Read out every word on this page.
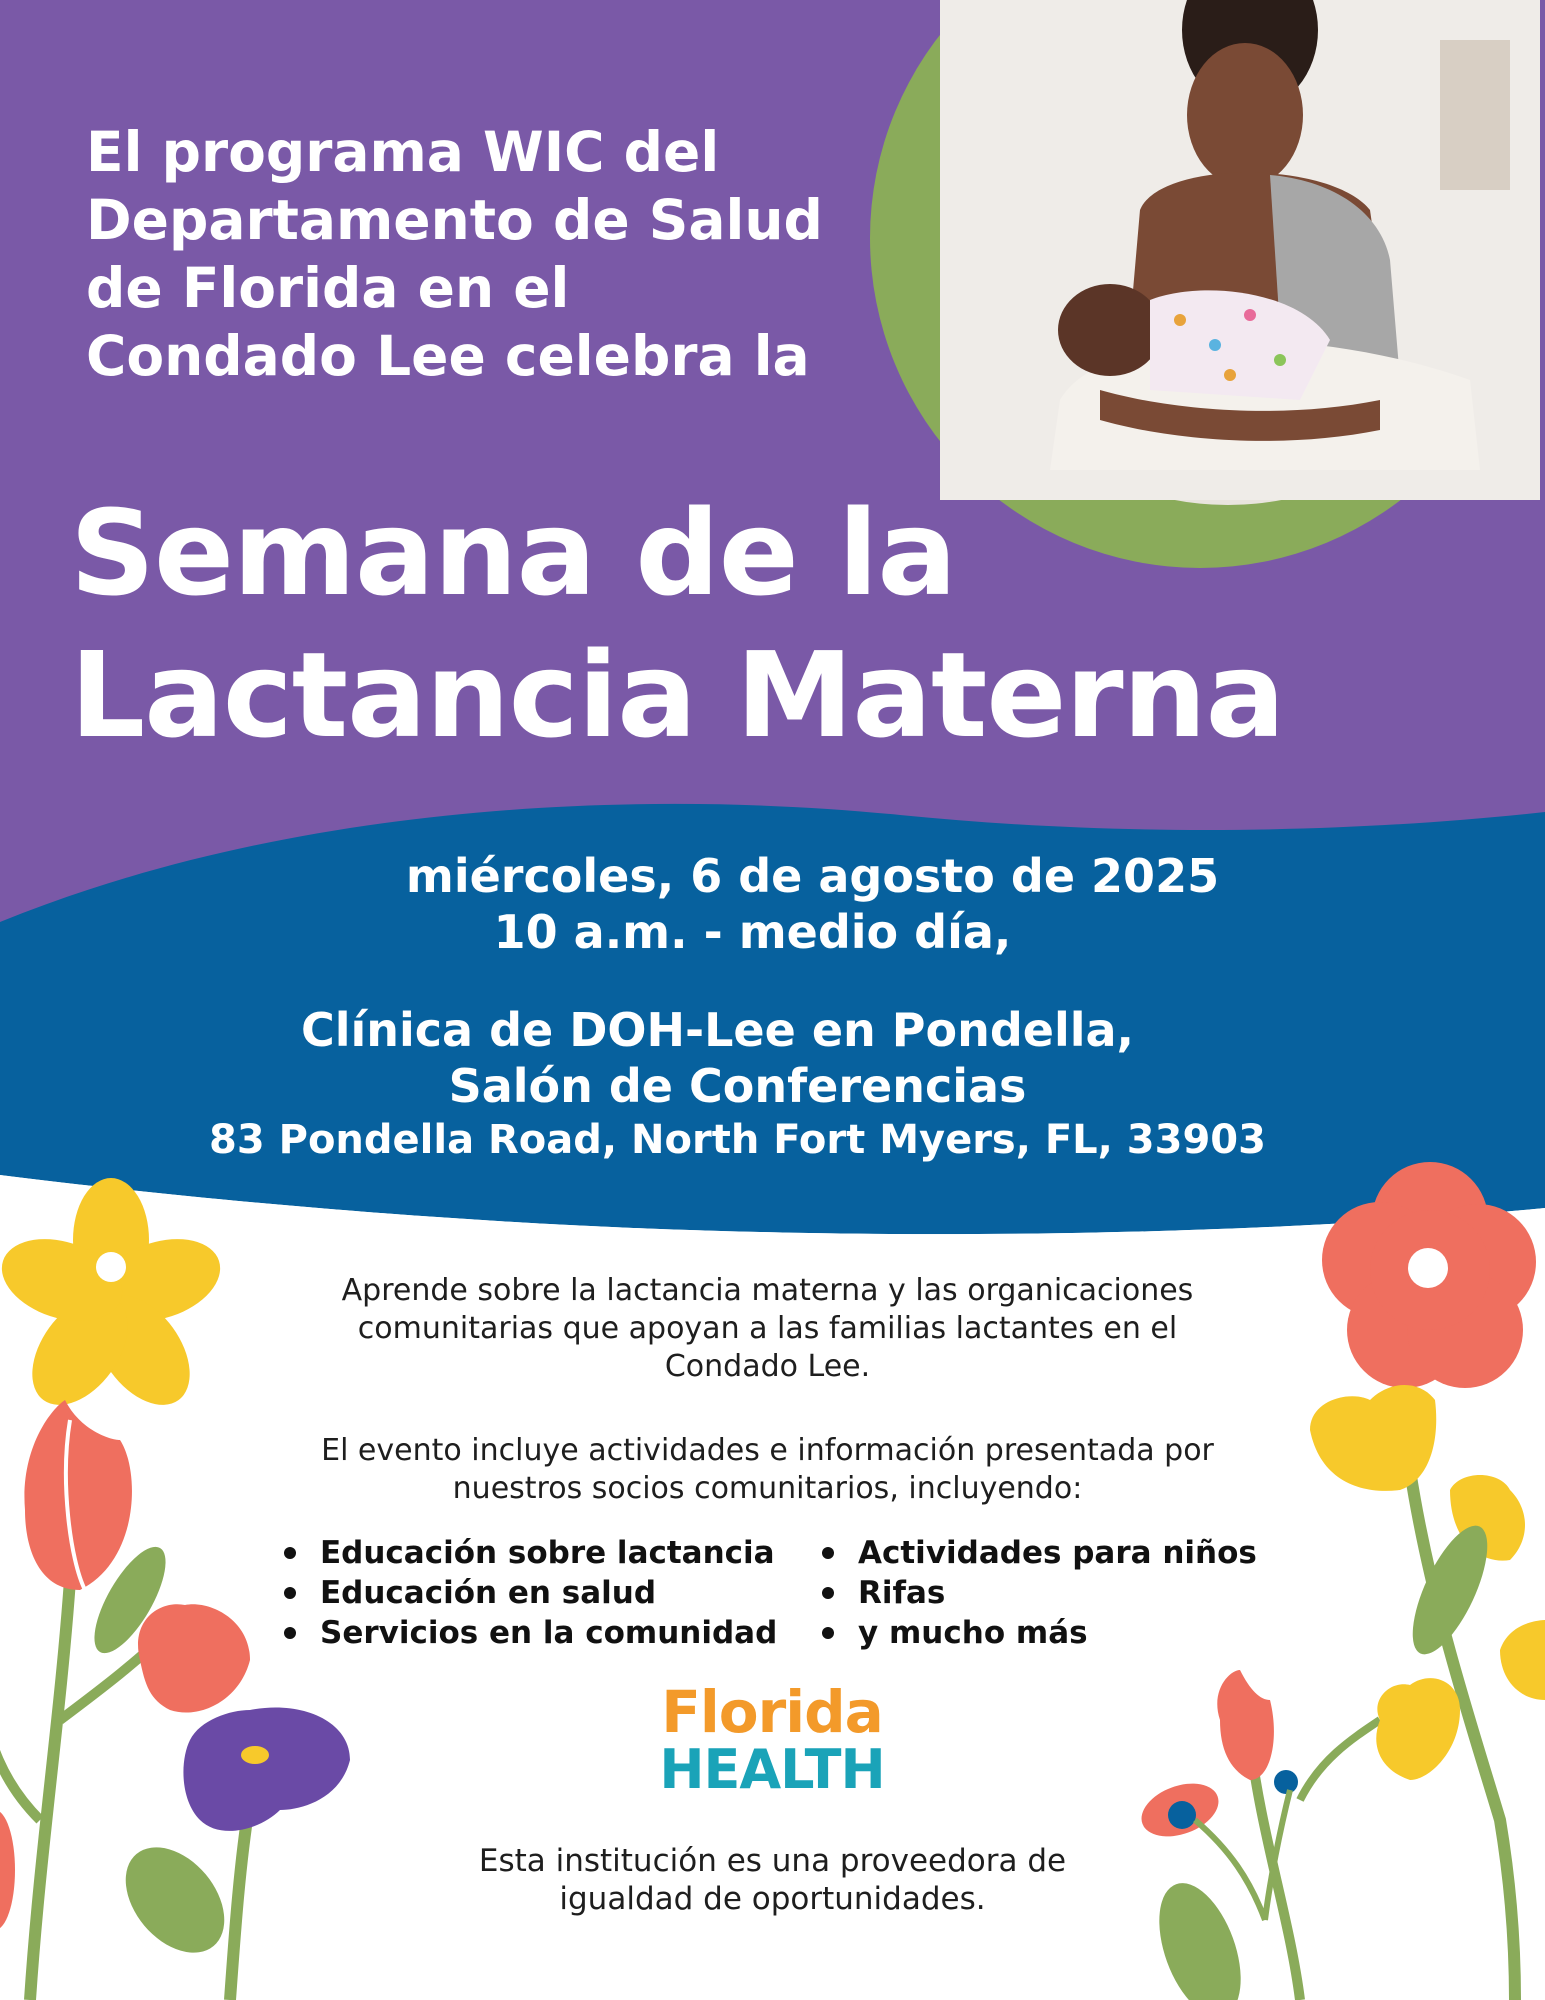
El programa WIC del
Departamento de Salud
de Florida en el
Condado Lee celebra la
Semana de la
Lactancia Materna
miércoles, 6 de agosto de 2025
10 a.m. - medio día,
Clínica de DOH-Lee en Pondella,
Salón de Conferencias
83 Pondella Road, North Fort Myers, FL, 33903
Aprende sobre la lactancia materna y las organicaciones
comunitarias que apoyan a las familias lactantes en el
Condado Lee.
El evento incluye actividades e información presentada por
nuestros socios comunitarios, incluyendo:
Educación sobre lactancia
Educación en salud
Servicios en la comunidad
Actividades para niños
Rifas
y mucho más
Florida
HEALTH
Esta institución es una proveedora de
igualdad de oportunidades.
